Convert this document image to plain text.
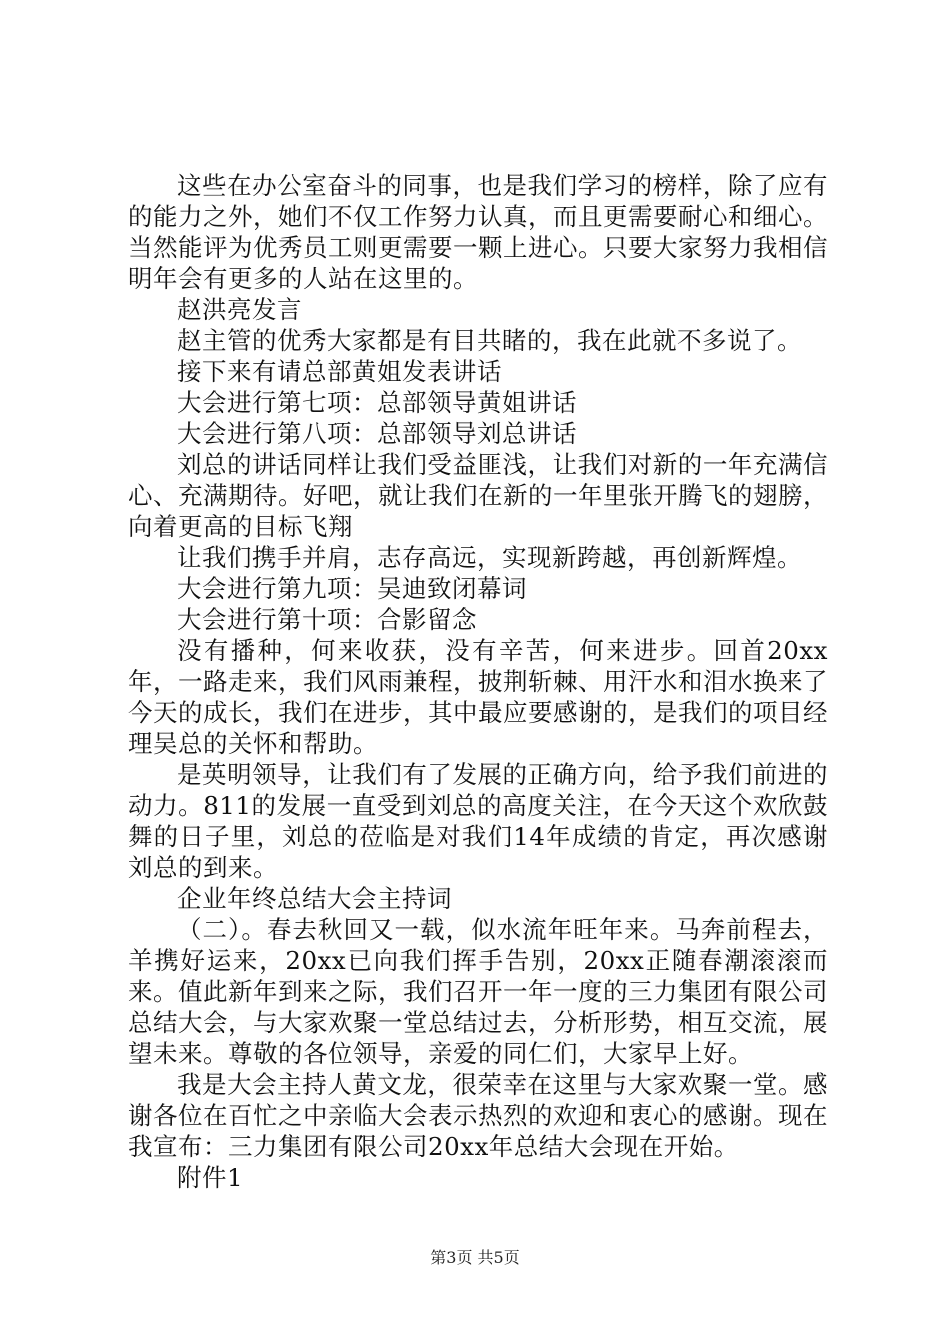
这些在办公室奋斗的同事，也是我们学习的榜样，除了应有的能力之外，她们不仅工作努力认真，而且更需要耐心和细心。当然能评为优秀员工则更需要一颗上进心。只要大家努力我相信明年会有更多的人站在这里的。

赵洪亮发言

赵主管的优秀大家都是有目共睹的，我在此就不多说了。

接下来有请总部黄姐发表讲话

大会进行第七项：总部领导黄姐讲话

大会进行第八项：总部领导刘总讲话

刘总的讲话同样让我们受益匪浅，让我们对新的一年充满信心、充满期待。好吧，就让我们在新的一年里张开腾飞的翅膀，向着更高的目标飞翔

让我们携手并肩，志存高远，实现新跨越，再创新辉煌。

大会进行第九项：吴迪致闭幕词

大会进行第十项：合影留念

没有播种，何来收获，没有辛苦，何来进步。回首20xx年，一路走来，我们风雨兼程，披荆斩棘、用汗水和泪水换来了今天的成长，我们在进步，其中最应要感谢的，是我们的项目经理吴总的关怀和帮助。

是英明领导，让我们有了发展的正确方向，给予我们前进的动力。811的发展一直受到刘总的高度关注，在今天这个欢欣鼓舞的日子里，刘总的莅临是对我们14年成绩的肯定，再次感谢刘总的到来。

企业年终总结大会主持词

（二）。春去秋回又一载，似水流年旺年来。马奔前程去，羊携好运来，20xx已向我们挥手告别，20xx正随春潮滚滚而来。值此新年到来之际，我们召开一年一度的三力集团有限公司总结大会，与大家欢聚一堂总结过去，分析形势，相互交流，展望未来。尊敬的各位领导，亲爱的同仁们，大家早上好。

我是大会主持人黄文龙，很荣幸在这里与大家欢聚一堂。感谢各位在百忙之中亲临大会表示热烈的欢迎和衷心的感谢。现在我宣布：三力集团有限公司20xx年总结大会现在开始。

附件1

第3页 共5页
